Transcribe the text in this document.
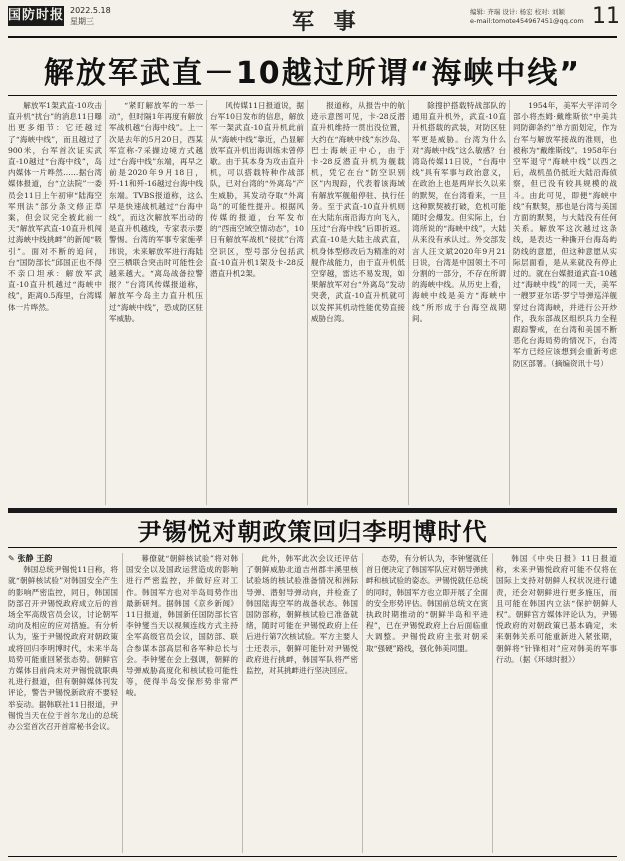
国防时报 2022.5.18
星期三	军 事	编辑: 齐瑞 设计: 杨宏 校对: 刘颖
e-mail:tomote454967451@qq.com 11
解放军武直－10越过所谓“海峡中线”

解放军1架武直-10攻击直升机“扰台”的消息11日曝出更多细节：它还越过了“海峡中线”，而且越过了900米，台军首次证实武直-10越过“台海中线”，岛内媒体一片哗然……据台湾媒体报道，台“立法院”一委员会11日上午初审“陆海空军刑法”部分条文修正草案，但会议完全被此前一天“解放军武直-10直升机闯过海峡中线挑衅”的新闻“吸引”。面对不断的追问，台“国防部长”邱国正也不得不亲口坦承：解放军武直-10直升机越过“海峡中线”，距离0.5海里，台湾媒体一片哗然。

“紧盯解放军的一举一动”，但时隔1年再度有解放军战机越“台海中线”。上一次是去年的5月20日，西某军宣称-7采撷边境方式越过“台海中线”东端，再早之前是2020年9月18日，歼-11和歼-16越过台海中线东端。TVBS报道称，这么早是快速战机越过“台海中线”，而这次解放军出动的是直升机越线，专家表示要警惕。台湾的军事专家施孝玮说，未来解放军进行海陆空三栖联合突击时可能性会越来越大。“离岛战备拉警报？”台湾风传媒报道称，解放军今岛主力直升机压过“海峡中线”，恐成防区驻军威胁。

风传媒11日报道说，据台军10日发布的信息，解放军一架武直-10直升机此前从“海峡中线”靠近，凸显解放军直升机出海训练未曾停歇。由于其本身为攻击直升机，可以搭载特种作战部队，已对台湾的“外离岛”产生威胁，其发动夺取“外离岛”的可能性提升。根据风传媒的报道，台军发布的“西南空域空情动态”，10日有解放军战机“侵扰”台湾空识区，型号部分包括武直-10直升机1架及卡-28反潜直升机2架。

报道称，从报告中的航迹示意图可见，卡-28反潜直升机维持一贯出没位置，大约在“海峡中线”东沙岛、巴士海峡正中心，由于卡-28反潜直升机为舰载机，凭它在台“防空识别区”内现踪，代表着该海域有解放军舰船停驻、执行任务。至于武直-10直升机则在大陆东南沿海方向飞入，压过“台海中线”后即折返。武直-10是大陆主战武直，机身体型修改后为精准的对舰作战能力，由于直升机低空穿越，雷达不易发现，如果解放军对台“外离岛”发动突袭，武直-10直升机就可以发挥其机动性能优势直接威胁台湾。

除搜护搭载特战部队的通用直升机外，武直-10直升机搭载的武装，对防区驻军更是威胁。台湾为什么对“海峡中线”这么敏感？台湾岛传媒11日说，“台海中线”具有军事与政治意义，在政治上也是两岸长久以来的默契，在台湾看来，一旦这种默契被打破，危机可能随时会爆发。但实际上，台湾所说的“海峡中线”，大陆从来没有承认过。外交部发言人汪文斌2020年9月21日说，台湾是中国领土不可分割的一部分，不存在所谓的海峡中线。从历史上看，海峡中线是美方“海峡中线”所形成于台海空战期间。

1954年，美军大平洋司令部小将杰姆·戴维斯依“中美共同防御条约”单方面划定，作为台军与解放军接战的准则，也被称为“戴维斯线”。1958年台空军退守“海峡中线”以西之后，战机虽仍抵近大陆沿海侦察，但已没有较具规模的战斗。由此可见，即便“海峡中线”有默契，那也是台湾与美国方面的默契，与大陆没有任何关系。解放军这次越过这条线，是表达一种撕开台海岛屿防线的意愿，但这种意愿从实际层面看，是从来就没有停止过的。就在台媒报道武直-10越过“海峡中线”的同一天，美军一艘罗亚尔诺·罗宁导弹巡洋舰穿过台湾海峡，并进行公开炒作，我东部战区组织兵力全程跟踪警戒，在台湾和美国不断恶化台海局势的情况下，台湾军方已经应该想到会重新考虑防区部署。（摘编资讯十号）

尹锡悦对朝政策回归李明博时代

✎ 张静 王韵

韩国总统尹锡悦11日称，将就“朝鲜核试验”对韩国安全产生的影响严密监控，同日，韩国国防部召开尹锡悦政府成立后的首场全军高级官员会议，讨论朝军动向及相应的应对措施。有分析认为，鉴于尹锡悦政府对朝政策或将回归李明博时代，未来半岛局势可能重回紧张态势。朝鲜官方媒体目前尚未对尹锡悦就职典礼进行报道，但有朝鲜媒体刊发评论，警告尹锡悦新政府不要轻举妄动。据韩联社11日报道，尹锡悦当天在位于首尔龙山的总统办公室首次召开首席秘书会议。

幕僚就“朝鲜核试验”将对韩国安全以及国政运营造成的影响进行严密监控，并做好应对工作。韩国军方也对半岛局势作出最新研判。据韩国《京乡新闻》11日报道，韩国新任国防部长官李钟燮当天以视频连线方式主持全军高级官员会议，国防部、联合参谋本部高层和各军种总长与会。李钟燮在会上强调，朝鲜的导弹威胁高度化和核试验可能性等，使得半岛安保形势非常严峻。

此外，韩军此次会议还评估了朝鲜威胁北道吉州郡丰溪里核试验场的核试验准备情况和洲际导弹、潜射导弹动向，并检查了韩国陆海空军的战备状态。韩国国防部称，朝鲜核试验已准备就绪，随时可能在尹锡悦政府上任后进行第7次核试验。军方主要人士还表示，朝鲜可能针对尹锡悦政府进行挑衅，韩国军队将严密监控，对其挑衅进行坚决回应。

态势，有分析认为，李钟燮就任首日便决定了韩国军队应对朝导弹挑衅和核试验的姿态。尹锡悦就任总统的同时，韩国军方也立即开展了全面的安全形势评估。韩国前总统文在寅执政时期推动的“朝鲜半岛和平进程”，已在尹锡悦政府上台后面临重大调整。尹锡悦政府主张对朝采取“强硬”路线，强化韩美同盟。

韩国《中央日报》11日报道称，未来尹锡悦政府可能不仅将在国际上支持对朝鲜人权状况进行谴责，还会对朝鲜进行更多施压，而且可能在韩国内立法“保护朝鲜人权”。朝鲜官方媒体评论认为，尹锡悦政府的对朝政策已基本确定，未来朝韩关系可能重新进入紧张期，朝鲜将“针锋相对”应对韩美的军事行动。（据《环球时报》）
